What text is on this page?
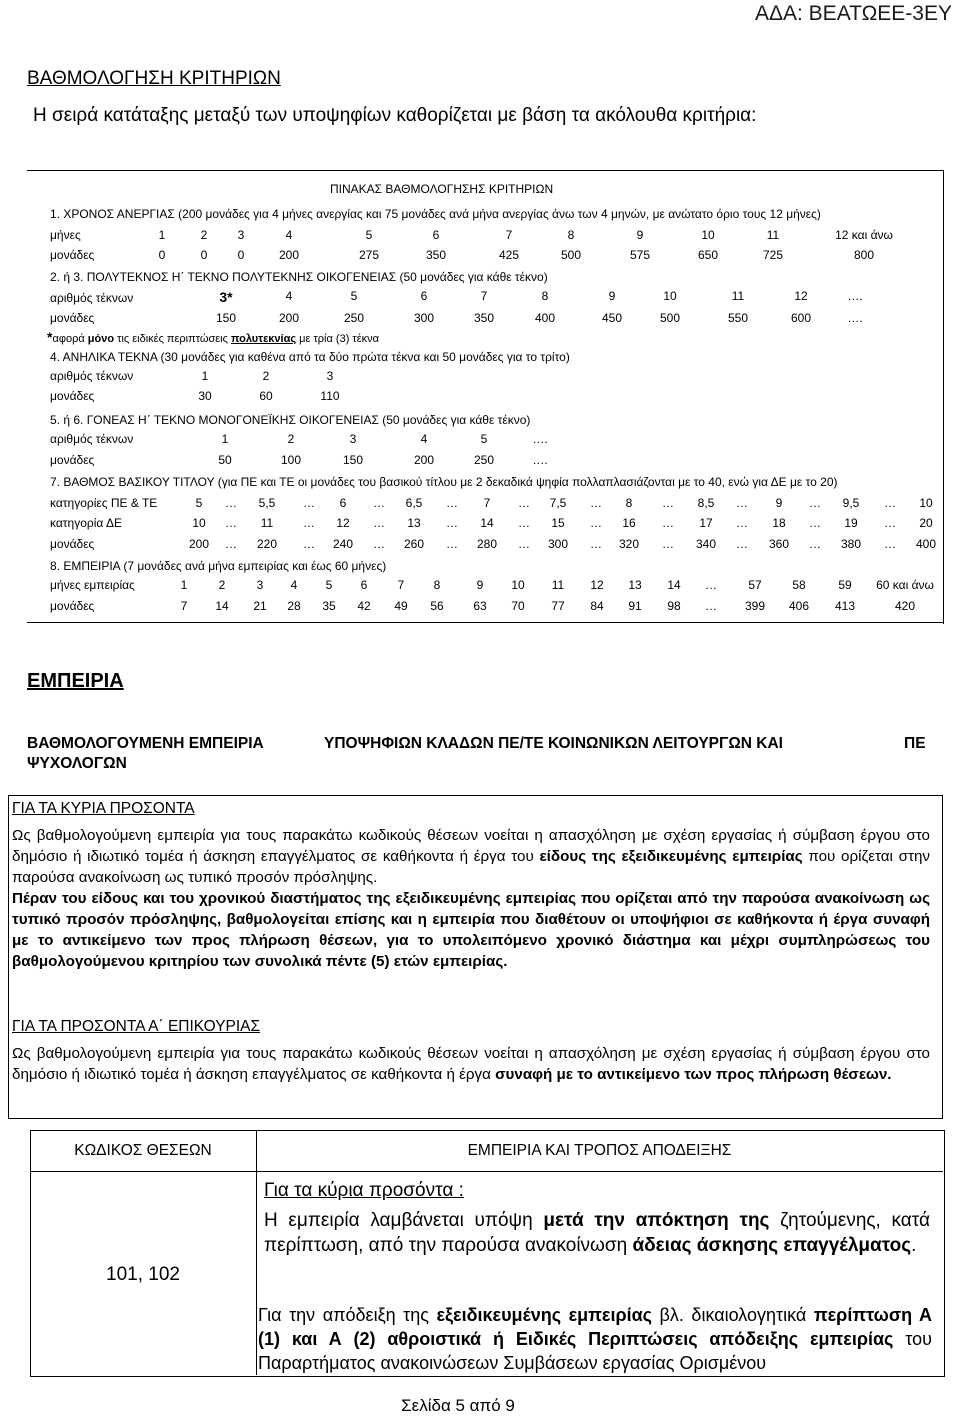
ΑΔΑ: ΒΕΑΤΩΕΕ-3ΕΥ
ΒΑΘΜΟΛΟΓΗΣΗ ΚΡΙΤΗΡΙΩΝ
Η σειρά κατάταξης μεταξύ των υποψηφίων καθορίζεται με βάση τα ακόλουθα κριτήρια:
ΠΙΝΑΚΑΣ ΒΑΘΜΟΛΟΓΗΣΗΣ ΚΡΙΤΗΡΙΩΝ
1. ΧΡΟΝΟΣ ΑΝΕΡΓΙΑΣ (200 μονάδες για 4 μήνες ανεργίας και 75 μονάδες ανά μήνα ανεργίας άνω των 4 μηνών, με ανώτατο όριο τους 12 μήνες)
μήνες	1	2	3	4	5	6	7	8	9	10	11	12 και άνω
μονάδες	0	0	0	200	275	350	425	500	575	650	725	800
2. ή 3. ΠΟΛΥΤΕΚΝΟΣ Η΄ ΤΕΚΝΟ ΠΟΛΥΤΕΚΝΗΣ ΟΙΚΟΓΕΝΕΙΑΣ (50 μονάδες για κάθε τέκνο)
αριθμός τέκνων	3*	4	5	6	7	8	9	10	11	12	….
μονάδες	150	200	250	300	350	400	450	500	550	600	….
*αφορά μόνο τις ειδικές περιπτώσεις πολυτεκνίας με τρία (3) τέκνα
4. ΑΝΗΛΙΚΑ ΤΕΚΝΑ (30 μονάδες για καθένα από τα δύο πρώτα τέκνα και 50 μονάδες για το τρίτο)
αριθμός τέκνων	1	2	3
μονάδες	30	60	110
5. ή 6. ΓΟΝΕΑΣ Η΄ ΤΕΚΝΟ ΜΟΝΟΓΟΝΕΪΚΗΣ ΟΙΚΟΓΕΝΕΙΑΣ (50 μονάδες για κάθε τέκνο)
αριθμός τέκνων	1	2	3	4	5	….
μονάδες	50	100	150	200	250	….
7. ΒΑΘΜΟΣ ΒΑΣΙΚΟΥ ΤΙΤΛΟΥ (για ΠΕ και ΤΕ οι μονάδες του βασικού τίτλου με 2 δεκαδικά ψηφία πολλαπλασιάζονται με το 40, ενώ για ΔΕ με το 20)
κατηγορίες ΠΕ & ΤΕ	5	…	5,5	…	6	…	6,5	…	7	…	7,5	…	8	…	8,5	…	9	…	9,5	…	10
κατηγορία ΔΕ	10	…	11	…	12	…	13	…	14	…	15	…	16	…	17	…	18	…	19	…	20
μονάδες	200	…	220	…	240	…	260	…	280	…	300	…	320	…	340	…	360	…	380	…	400
8. ΕΜΠΕΙΡΙΑ (7 μονάδες ανά μήνα εμπειρίας και έως 60 μήνες)
μήνες εμπειρίας	1	2	3	4	5	6	7	8	9	10	11	12	13	14	…	57	58	59	60 και άνω
μονάδες	7	14	21	28	35	42	49	56	63	70	77	84	91	98	…	399	406	413	420
ΕΜΠΕΙΡΙΑ
ΒΑΘΜΟΛΟΓΟΥΜΕΝΗ ΕΜΠΕΙΡΙΑ	ΥΠΟΨΗΦΙΩΝ ΚΛΑΔΩΝ ΠΕ/ΤΕ ΚΟΙΝΩΝΙΚΩΝ ΛΕΙΤΟΥΡΓΩΝ ΚΑΙ	ΠΕ
ΨΥΧΟΛΟΓΩΝ
ΓΙΑ ΤΑ ΚΥΡΙΑ ΠΡΟΣΟΝΤΑ
Ως βαθμολογούμενη εμπειρία για τους παρακάτω κωδικούς θέσεων νοείται η απασχόληση με σχέση εργασίας ή σύμβαση έργου στο δημόσιο ή ιδιωτικό τομέα ή άσκηση επαγγέλματος σε καθήκοντα ή έργα του είδους της εξειδικευμένης εμπειρίας που ορίζεται στην παρούσα ανακοίνωση ως τυπικό προσόν πρόσληψης.
Πέραν του είδους και του χρονικού διαστήματος της εξειδικευμένης εμπειρίας που ορίζεται από την παρούσα ανακοίνωση ως τυπικό προσόν πρόσληψης, βαθμολογείται επίσης και η εμπειρία που διαθέτουν οι υποψήφιοι σε καθήκοντα ή έργα συναφή με το αντικείμενο των προς πλήρωση θέσεων, για το υπολειπόμενο χρονικό διάστημα και μέχρι συμπληρώσεως του βαθμολογούμενου κριτηρίου των συνολικά πέντε (5) ετών εμπειρίας.
ΓΙΑ ΤΑ ΠΡΟΣΟΝΤΑ Α΄ ΕΠΙΚΟΥΡΙΑΣ
Ως βαθμολογούμενη εμπειρία για τους παρακάτω κωδικούς θέσεων νοείται η απασχόληση με σχέση εργασίας ή σύμβαση έργου στο δημόσιο ή ιδιωτικό τομέα ή άσκηση επαγγέλματος σε καθήκοντα ή έργα συναφή με το αντικείμενο των προς πλήρωση θέσεων.
ΚΩΔΙΚΟΣ ΘΕΣΕΩΝ	ΕΜΠΕΙΡΙΑ ΚΑΙ ΤΡΟΠΟΣ ΑΠΟΔΕΙΞΗΣ
101, 102
Για τα κύρια προσόντα :
Η εμπειρία λαμβάνεται υπόψη μετά την απόκτηση της ζητούμενης, κατά περίπτωση, από την παρούσα ανακοίνωση άδειας άσκησης επαγγέλματος.
Για την απόδειξη της εξειδικευμένης εμπειρίας βλ. δικαιολογητικά περίπτωση Α (1) και Α (2) αθροιστικά ή Ειδικές Περιπτώσεις απόδειξης εμπειρίας του Παραρτήματος ανακοινώσεων Συμβάσεων εργασίας Ορισμένου
Σελίδα 5 από 9
